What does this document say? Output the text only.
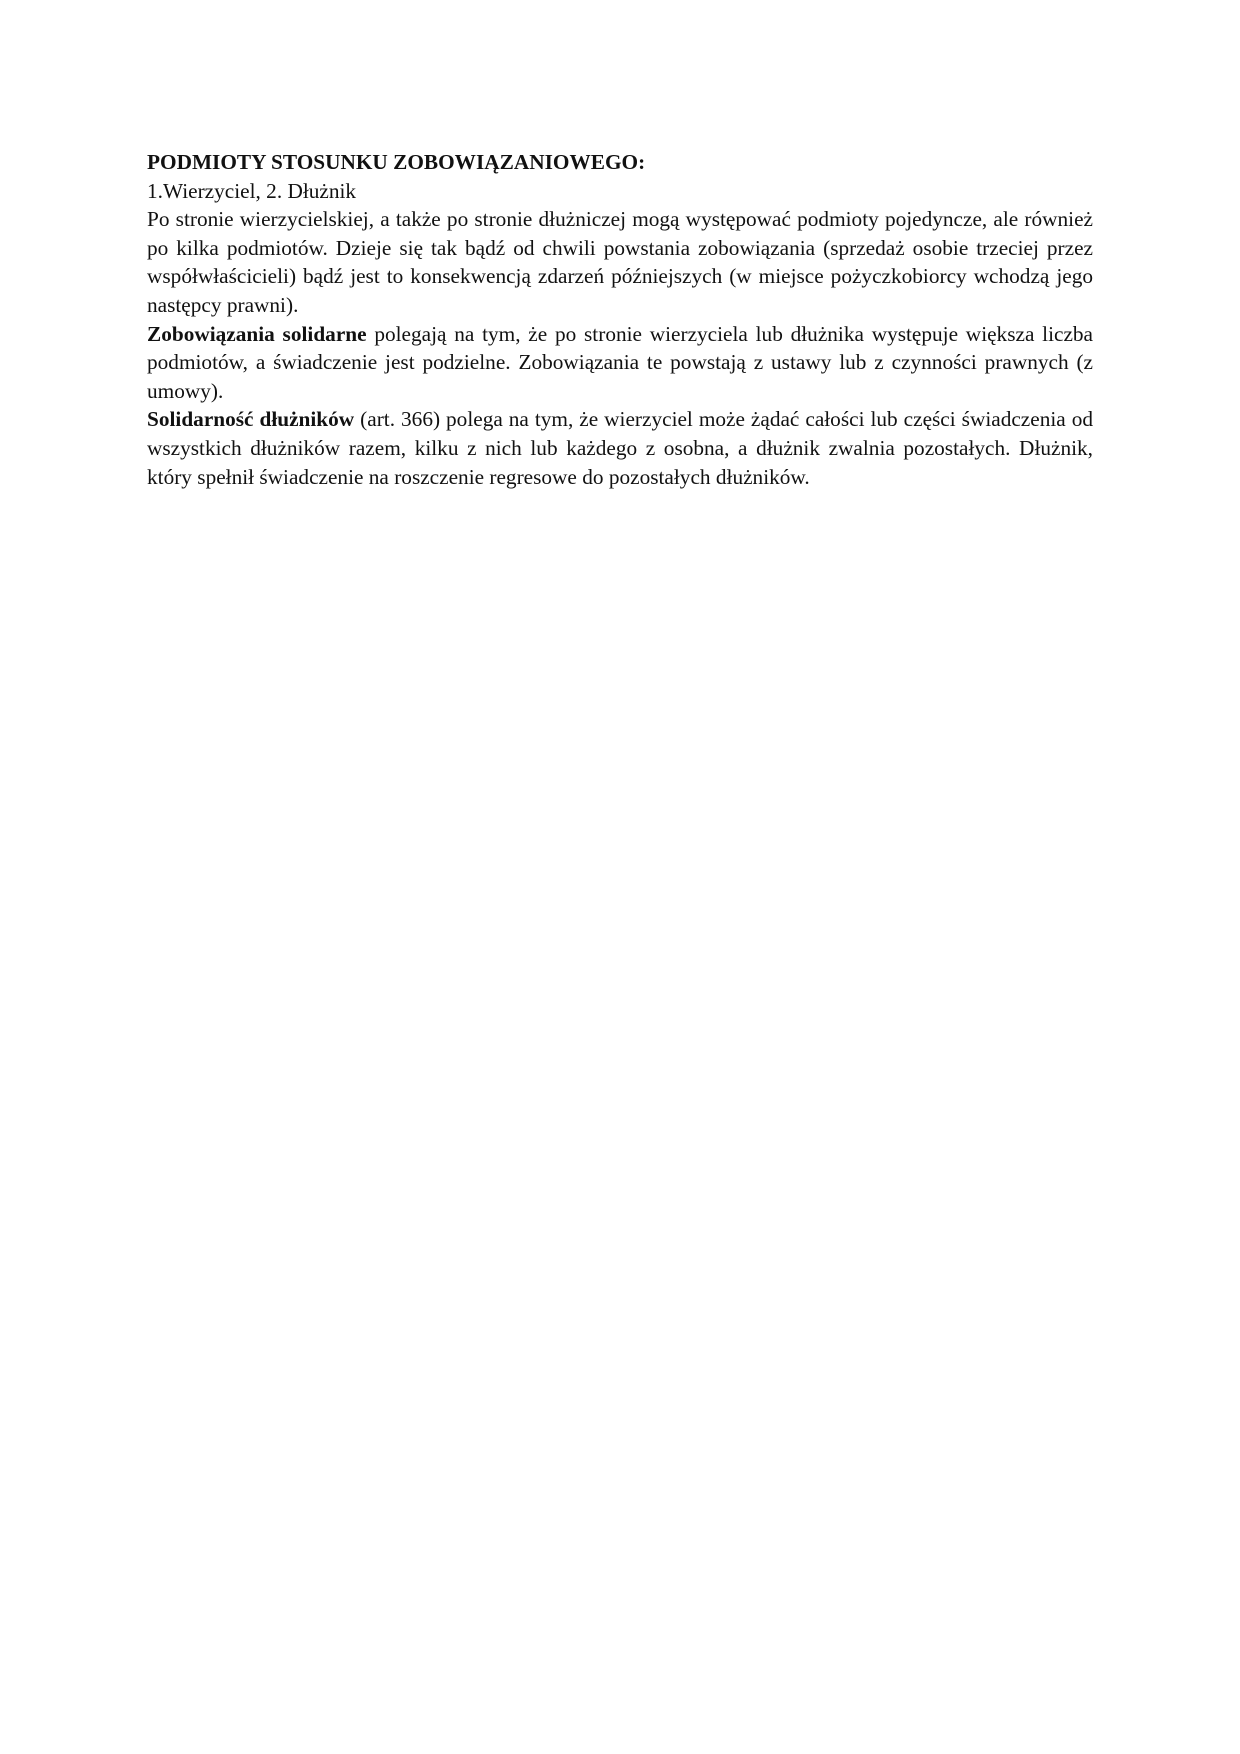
PODMIOTY STOSUNKU ZOBOWIĄZANIOWEGO:

1.Wierzyciel, 2. Dłużnik

Po stronie wierzycielskiej, a także po stronie dłużniczej mogą występować podmioty pojedyncze, ale również po kilka podmiotów. Dzieje się tak bądź od chwili powstania zobowiązania (sprzedaż osobie trzeciej przez współwłaścicieli) bądź jest to konsekwencją zdarzeń późniejszych (w miejsce pożyczkobiorcy wchodzą jego następcy prawni).

Zobowiązania solidarne polegają na tym, że po stronie wierzyciela lub dłużnika występuje większa liczba podmiotów, a świadczenie jest podzielne. Zobowiązania te powstają z ustawy lub z czynności prawnych (z umowy).

Solidarność dłużników (art. 366) polega na tym, że wierzyciel może żądać całości lub części świadczenia od wszystkich dłużników razem, kilku z nich lub każdego z osobna, a dłużnik zwalnia pozostałych. Dłużnik, który spełnił świadczenie na roszczenie regresowe do pozostałych dłużników.
